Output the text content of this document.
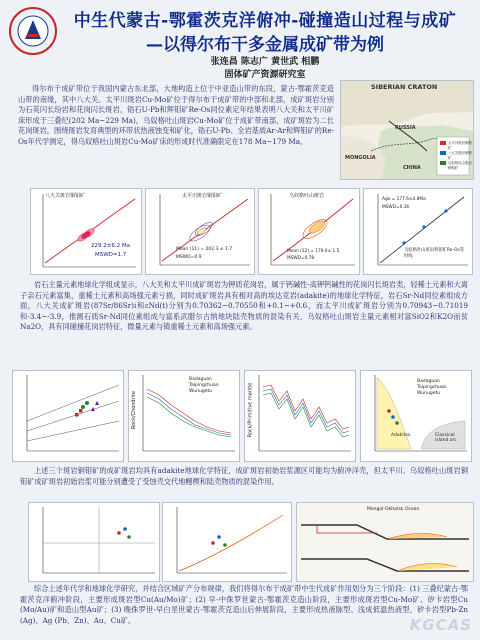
中生代蒙古-鄂霍茨克洋俯冲-碰撞造山过程与成矿
—以得尔布干多金属成矿带为例
张连昌 陈志广 黄世武 相鹏
固体矿产资源研究室
得尔布干成矿带位于我国内蒙古东北部，大地构造上位于中亚造山带的东段，蒙古-鄂霍茨克造山带的南缘，其中八大关、太平川斑岩Cu-Mo矿位于得尔布干成矿带的中部和北部，成矿斑岩分别为石英闪长玢岩和花岗闪长斑岩，锆石U-Pb和辉钼矿Re-Os同位素定年结果表明八大关和太平川矿床形成于三叠纪(202 Ma~229 Ma)，乌奴格吐山斑岩Cu-Mo矿位于成矿带南部，成矿斑岩为二长花岗斑岩，围绕斑岩发育典型的环带状热液蚀变和矿化，锆石U-Pb、全岩基质Ar-Ar和辉钼矿的Re-Os年代学测定，得乌奴格吐山斑岩Cu-Mo矿床的形成时代准确限定在178 Ma~179 Ma。
SIBERIAN CRATON
RUSSIA
MONGOLIA
CHINA
太平川斑岩铜钼矿
八大关斑岩铜钼矿
乌奴格吐山斑岩铜钼矿
八大关斑岩铜钼矿
229.2±6.2 Ma
MSWD=1.7
太平川斑岩铜钼矿
Mean (11) = 202.3 ± 1.7
MSWD=0.9
乌奴格吐山斑岩
Mean (12) = 179.0± 1.5
MSWD=0.78
Age = 177.6±4.8Ma
MSWD=0.36
乌奴格吐山斑岩辉钼矿Re-Os等时线
岩石主量元素地球化学组成显示，八大关和太平川成矿斑岩为钾质花岗岩，属于钙碱性-高钾钙碱性的花岗闪长斑岩类，轻稀土元素和大离子亲石元素富集，重稀土元素和高场强元素亏损，同时成矿斑岩具有相对高的埃达克岩(adakite)的地球化学特征，岩石Sr-Nd同位素组成方面，八大关成矿斑岩(87Sr/86Sr)i和εNd(t)分别为0.70362~0.70550和+0.1~+0.6，而太平川成矿斑岩分别为0.70943~0.71019和-3.4~-3.9，推测石质Sr-Nd同位素组成与富系武腊尔古纳地块陆壳物质的混染有关，乌奴格吐山斑岩主量元素相对富SiO2和K2O而贫Na2O，具有同碰撞花岗岩特征，微量元素与镇重稀土元素和高场强元素。
Rock/Chondrite
Badaguan
Taipingchuan
Wunugetu	Rock/Primitive mantle	Adakites	Classical island arc
Badaguan
Taipingchuan
Wunugetu
上述三个斑岩铜钼矿的成矿斑岩均具有adakite地球化学特征，成矿斑岩初始岩浆源区可能均为俯冲洋壳，但太平川、乌奴格吐山斑岩铜钼矿成矿斑岩初始岩浆可能分别遭受了受蚀壳交代地幔楔和陆壳物质的混染作用。
Mongol-Okhotsk Ocean
综合上述年代学和地球化学研究，并结合区域矿产分布规律，我们将得尔布干成矿带中生代成矿作用划分为三个阶段：(1) 三叠纪蒙古-鄂霍茨克洋俯冲阶段，主要形成斑岩型Cu(Au/Mo)矿；(2) 早-中侏罗世蒙古-鄂霍茨克造山阶段，主要形成斑岩型Cu-Mo矿、矽卡岩型Cu (Mo/Au)矿和造山型Au矿；(3) 晚侏罗世-早白垩世蒙古-鄂霍茨克造山后伸展阶段，主要形成热液脉型、浅成低温热液型、矽卡岩型Pb-Zn (Ag)、Ag (Pb、Zn)、Au、Cu矿。	KGCAS
